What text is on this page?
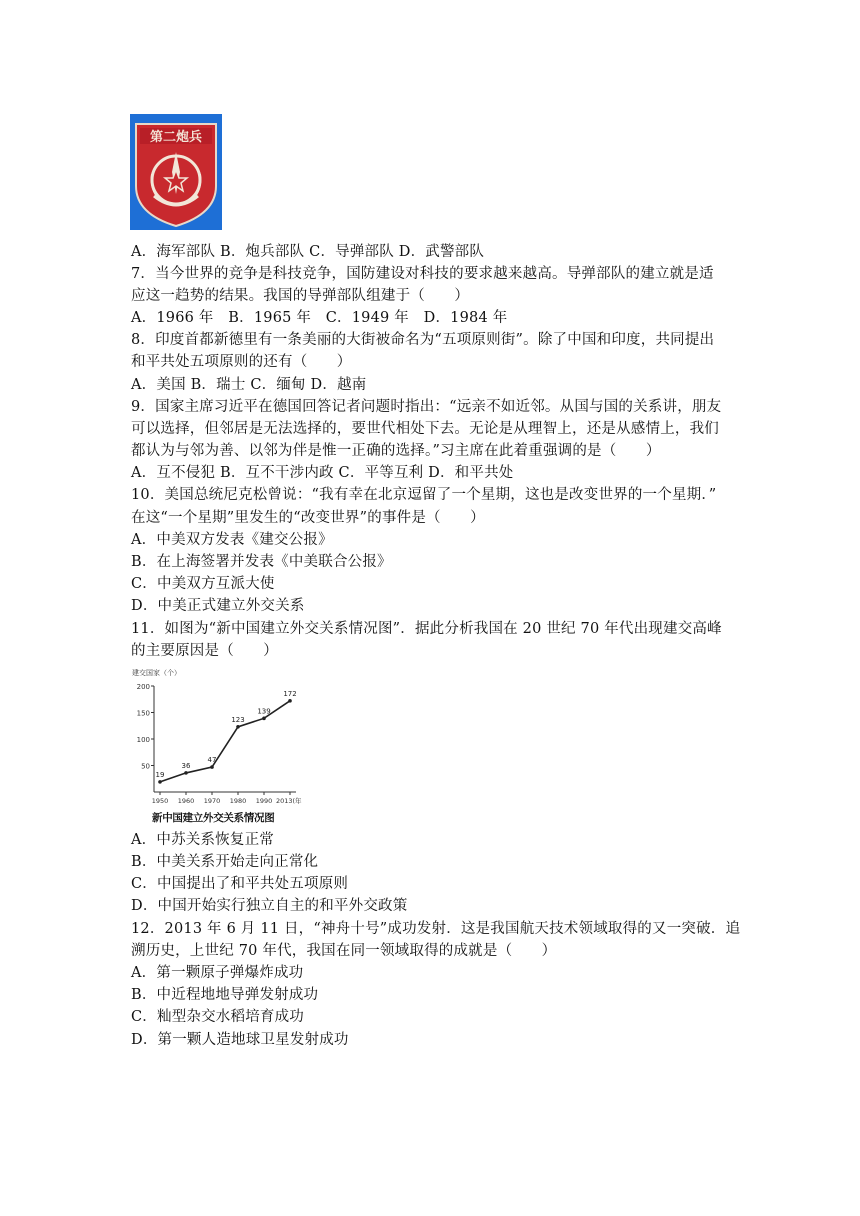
第二炮兵
A．海军部队 B．炮兵部队 C．导弹部队 D．武警部队
7．当今世界的竞争是科技竞争，国防建设对科技的要求越来越高。导弹部队的建立就是适
应这一趋势的结果。我国的导弹部队组建于（　　）
A．1966 年　B．1965 年　C．1949 年　D．1984 年
8．印度首都新德里有一条美丽的大街被命名为“五项原则街”。除了中国和印度，共同提出
和平共处五项原则的还有（　　）
A．美国 B．瑞士 C．缅甸 D．越南
9．国家主席习近平在德国回答记者问题时指出：“远亲不如近邻。从国与国的关系讲，朋友
可以选择，但邻居是无法选择的，要世代相处下去。无论是从理智上，还是从感情上，我们
都认为与邻为善、以邻为伴是惟一正确的选择。”习主席在此着重强调的是（　　）
A．互不侵犯 B．互不干涉内政 C．平等互利 D．和平共处
10．美国总统尼克松曾说：“我有幸在北京逗留了一个星期，这也是改变世界的一个星期．”
在这“一个星期”里发生的“改变世界”的事件是（　　）
A．中美双方发表《建交公报》
B．在上海签署并发表《中美联合公报》
C．中美双方互派大使
D．中美正式建立外交关系
11．如图为“新中国建立外交关系情况图”．据此分析我国在 20 世纪 70 年代出现建交高峰
的主要原因是（　　）
建交国家（个）
200
150
100
50
1950 1960 1970 1980 1990 2013(年)
19
36
47
123
139
172
新中国建立外交关系情况图
A．中苏关系恢复正常
B．中美关系开始走向正常化
C．中国提出了和平共处五项原则
D．中国开始实行独立自主的和平外交政策
12．2013 年 6 月 11 日，“神舟十号”成功发射．这是我国航天技术领域取得的又一突破．追
溯历史，上世纪 70 年代，我国在同一领域取得的成就是（　　）
A．第一颗原子弹爆炸成功
B．中近程地地导弹发射成功
C．籼型杂交水稻培育成功
D．第一颗人造地球卫星发射成功
